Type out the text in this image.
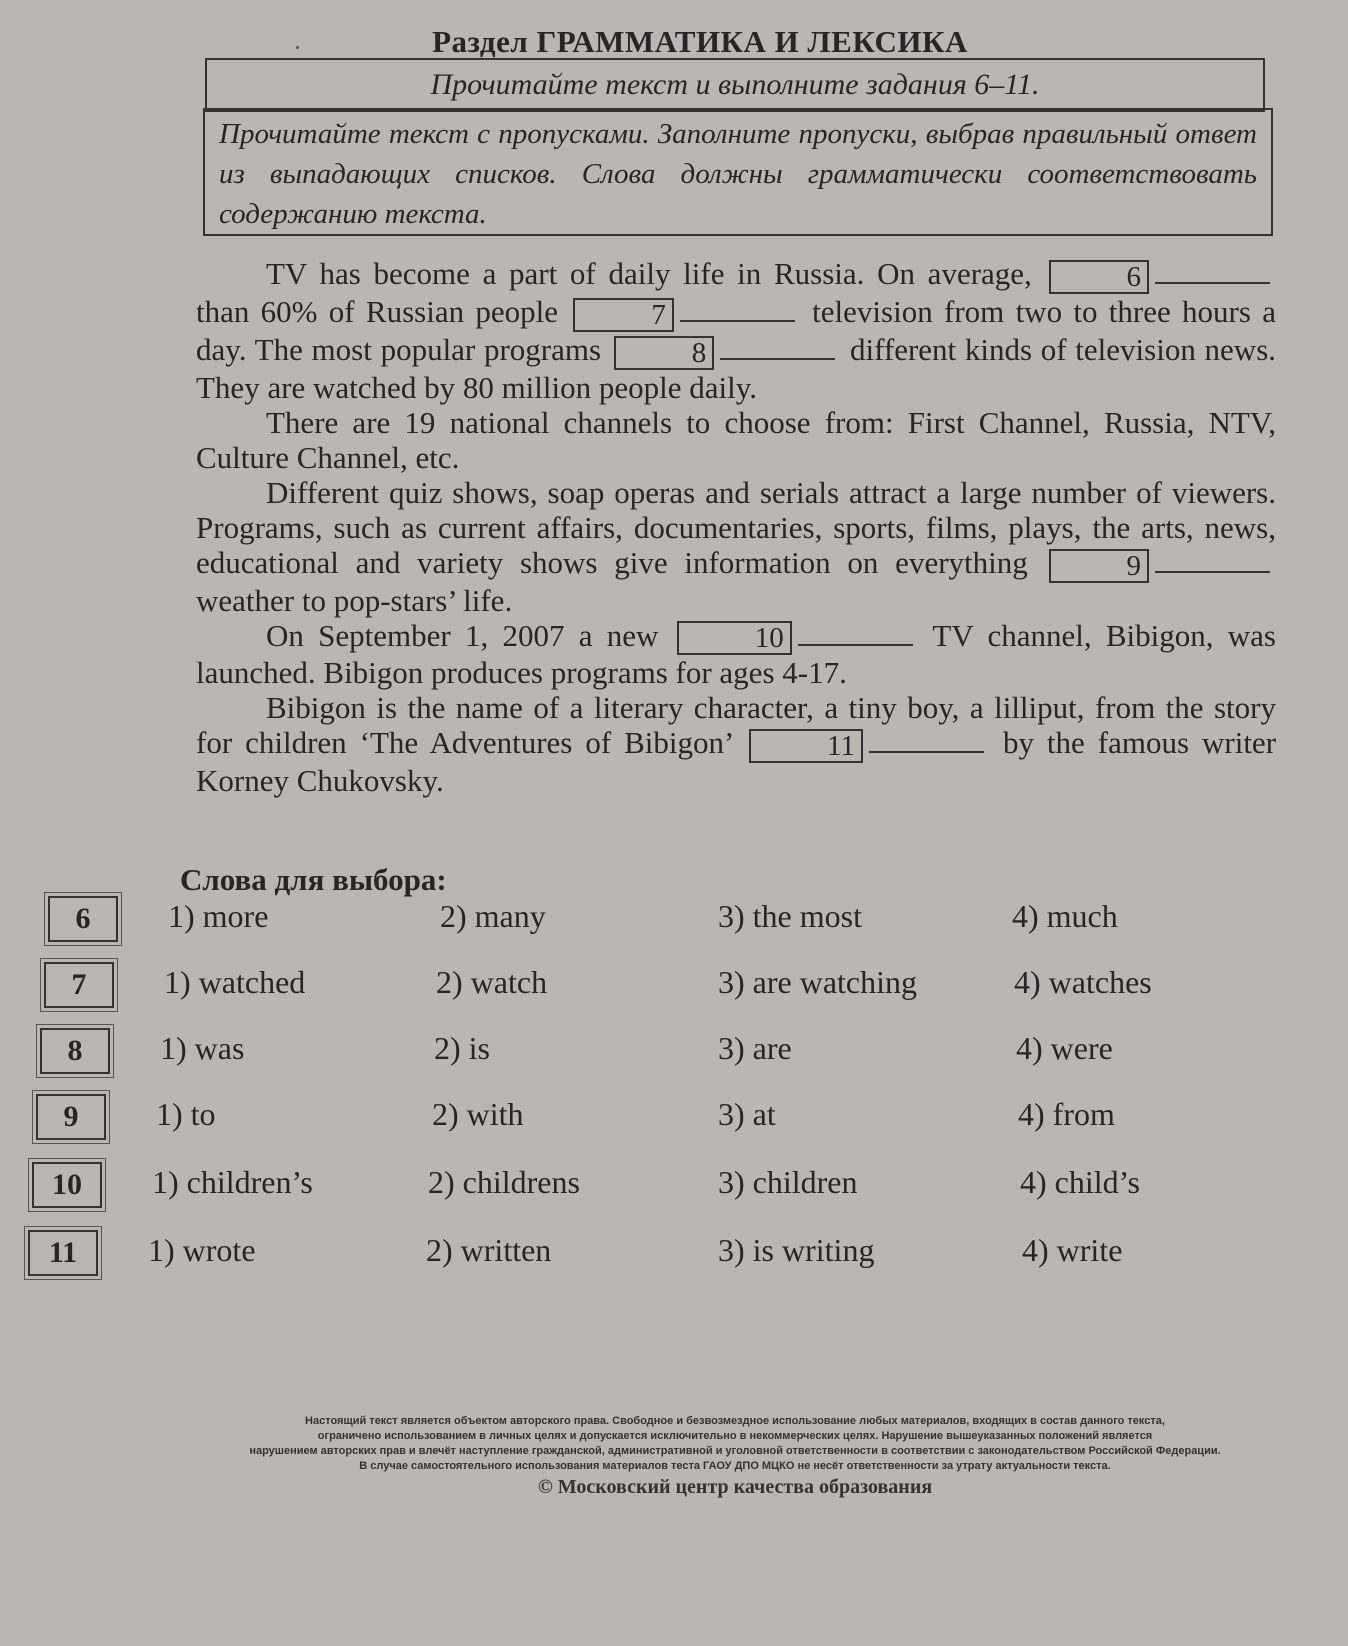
Раздел ГРАММАТИКА И ЛЕКСИКА
Прочитайте текст и выполните задания 6–11.
Прочитайте текст с пропусками. Заполните пропуски, выбрав правильный ответ из выпадающих списков. Слова должны грамматически соответствовать содержанию текста.

TV has become a part of daily life in Russia. On average,	6 than 60% of Russian people	7	television from two to three hours a day. The most popular programs	8	different kinds of television news. They are watched by 80 million people daily.

There are 19 national channels to choose from: First Channel, Russia, NTV, Culture Channel, etc.

Different quiz shows, soap operas and serials attract a large number of viewers. Programs, such as current affairs, documentaries, sports, films, plays, the arts, news, educational and variety shows give information on everything	9 weather to pop-stars’ life.

On September 1, 2007 a new	10	TV channel, Bibigon, was launched. Bibigon produces programs for ages 4-17.

Bibigon is the name of a literary character, a tiny boy, a lilliput, from the story for children ‘The Adventures of Bibigon’	11	by the famous writer Korney Chukovsky.

Слова для выбора:
6	1) more	2) many	3) the most	4) much
7	1) watched	2) watch	3) are watching	4) watches
8	1) was	2) is	3) are	4) were
9	1) to	2) with	3) at	4) from
10	1) children’s	2) childrens	3) children	4) child’s
11	1) wrote	2) written	3) is writing	4) write
Настоящий текст является объектом авторского права. Свободное и безвозмездное использование любых материалов, входящих в состав данного текста,
ограничено использованием в личных целях и допускается исключительно в некоммерческих целях. Нарушение вышеуказанных положений является
нарушением авторских прав и влечёт наступление гражданской, административной и уголовной ответственности в соответствии с законодательством Российской Федерации.
В случае самостоятельного использования материалов теста ГАОУ ДПО МЦКО не несёт ответственности за утрату актуальности текста.
© Московский центр качества образования
